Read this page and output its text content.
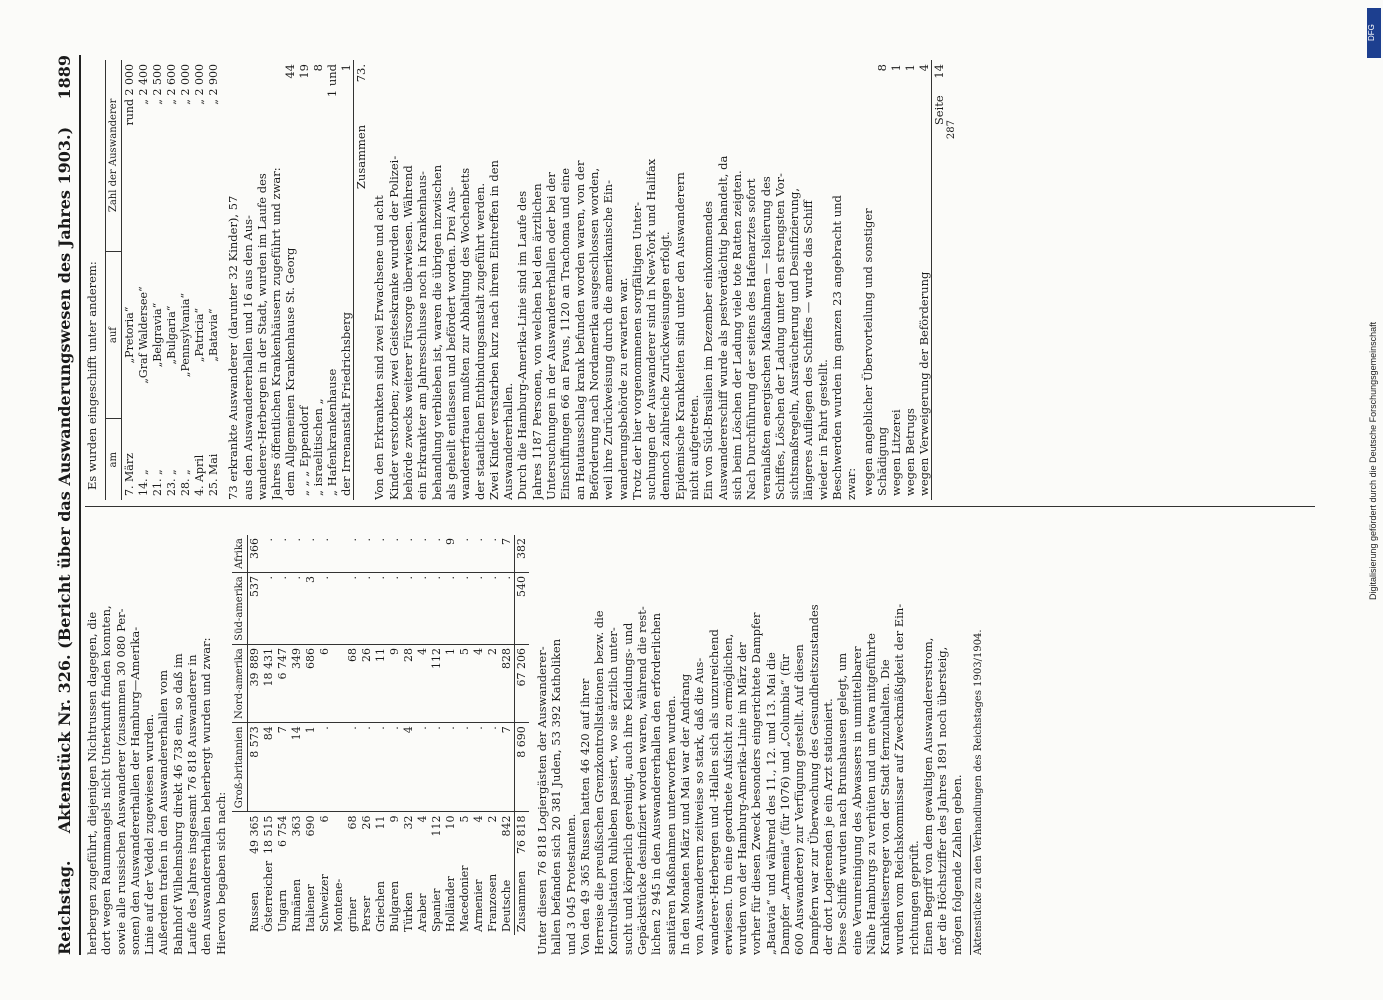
Reichstag.
Aktenstück Nr. 326. (Bericht über das Auswanderungswesen des Jahres 1903.)
1889
herbergen zugeführt, diejenigen Nichtrussen dagegen, die dort wegen Raummangels nicht Unterkunft finden konnten, sowie alle russischen Auswanderer (zusammen 30 080 Per- sonen) den Auswandererhallen der Hamburg—Amerika- Linie auf der Veddel zugewiesen wurden. Außerdem trafen in den Auswandererhallen vom Bahnhof Wilhelmsburg direkt 46 738 ein, so daß im Laufe des Jahres insgesamt 76 818 Auswanderer in den Auswandererhallen beherbergt wurden und zwar: Hiervon begaben sich nach:
		Groß-britannien	Nord-amerika	Süd-amerika	Afrika
Russen	49 365	8 573	39 889	537	366
Österreicher	18 515	84	18 431	.	.
Ungarn	6 754	7	6 747	.	.
Rumänen	363	14	349	.	.
Italiener	690	1	686	3	.
Schweizer	6	.	6	.	.
Montene-					
griner	68	.	68	.	.
Perser	26	.	26	.	.
Griechen	11	.	11	.	.
Bulgaren	9	.	9	.	.
Türken	32	4	28	.	.
Araber	4	.	4	.	.
Spanier	112	.	112	.	.
Holländer	10	.	1	.	9
Macedonier	5	.	5	.	.
Armenier	4	.	4	.	.
Franzosen	2	.	2	.	.
Deutsche	842	7	828	.	7
Zusammen	76 818	8 690	67 206	540	382
Unter diesen 76 818 Logiergästen der Auswanderer- hallen befanden sich 20 381 Juden, 53 392 Katholiken und 3 045 Protestanten. Von den 49 365 Russen hatten 46 420 auf ihrer Herreise die preußischen Grenzkontrollstationen bezw. die Kontrollstation Ruhleben passiert, wo sie ärztlich unter- sucht und körperlich gereinigt, auch ihre Kleidungs- und Gepäckstücke desinfiziert worden waren, während die rest- lichen 2 945 in den Auswandererhallen den erforderlichen sanitären Maßnahmen unterworfen wurden. In den Monaten März und Mai war der Andrang von Auswanderern zeitweise so stark, daß die Aus- wanderer-Herbergen und -Hallen sich als unzureichend erwiesen. Um eine geordnete Aufsicht zu ermöglichen, wurden von der Hamburg-Amerika-Linie im März der vorher für diesen Zweck besonders eingerichtete Dampfer „Batavia“ und während des 11., 12. und 13. Mai die Dampfer „Armenia“ (für 1076) und „Columbia“ (für 600 Auswanderer) zur Verfügung gestellt. Auf diesen Dampfern war zur Überwachung des Gesundheitszustandes der dort Logierenden je ein Arzt stationiert. Diese Schiffe wurden nach Brunshausen gelegt, um eine Verunreinigung des Abwassers in unmittelbarer Nähe Hamburgs zu verhüten und um etwa mitgeführte Krankheitserreger von der Stadt fernzuhalten. Die wurden vom Reichskommissar auf Zweckmäßigkeit der Ein- richtungen geprüft. Einen Begriff von dem gewaltigen Auswandererstrom, der die Höchstziffer des Jahres 1891 noch übersteig, mögen folgende Zahlen geben. Aktenstücke zu den Verhandlungen des Reichstages 1903/1904.
Es wurden eingeschifft unter anderem: am	auf	Zahl der Auswanderer
7. März	„Pretoria“	rund 2 000
14. „	„Graf Waldersee“	„ 2 400
21. „	„Belgravia“	„ 2 500
23. „	„Bulgaria“	„ 2 600
28. „	„Pennsylvania“	„ 2 000
4. April	„Patricia“	„ 2 000
25. Mai	„Batavia“	„ 2 900
73 erkrankte Auswanderer (darunter 32 Kinder), 57 aus den Auswandererhallen und 16 aus den Aus- wanderer-Herbergen in der Stadt, wurden im Laufe des Jahres öffentlichen Krankenhäusern zugeführt und zwar: dem Allgemeinen Krankenhause St. Georg	44
„ „ „ Eppendorf	19
„ israelitischen „	8
„ Hafenkrankenhause	1 und
der Irrenanstalt Friedrichsberg	1
Zusammen	73.
Von den Erkrankten sind zwei Erwachsene und acht Kinder verstorben; zwei Geisteskranke wurden der Polizei- behörde zwecks weiterer Fürsorge überwiesen. Während ein Erkrankter am Jahresschlusse noch in Krankenhaus- behandlung verblieben ist, waren die übrigen inzwischen als geheilt entlassen und befördert worden. Drei Aus- wandererfrauen mußten zur Abhaltung des Wochenbetts der staatlichen Entbindungsanstalt zugeführt werden. Zwei Kinder verstarben kurz nach ihrem Eintreffen in den Auswandererhallen. Durch die Hamburg-Amerika-Linie sind im Laufe des Jahres 1187 Personen, von welchen bei den ärztlichen Untersuchungen in der Auswandererhallen oder bei der Einschiffungen 66 an Favus, 1120 an Trachoma und eine an Hautausschlag krank befunden worden waren, von der Beförderung nach Nordamerika ausgeschlossen worden, weil ihre Zurückweisung durch die amerikanische Ein- wanderungsbehörde zu erwarten war. Trotz der hier vorgenommenen sorgfältigen Unter- suchungen der Auswanderer sind in New-York und Halifax dennoch zahlreiche Zurückweisungen erfolgt. Epidemische Krankheiten sind unter den Auswanderern nicht aufgetreten. Ein von Süd-Brasilien im Dezember einkommendes Auswandererschiff wurde als pestverdächtig behandelt, da sich beim Löschen der Ladung viele tote Ratten zeigten. Nach Durchführung der seitens des Hafenarztes sofort veranlaßten energischen Maßnahmen — Isolierung des Schiffes, Löschen der Ladung unter den strengsten Vor- sichtsmaßregeln, Ausräucherung und Desinfizierung, längeres Aufliegen des Schiffes — wurde das Schiff wieder in Fahrt gestellt. Beschwerden wurden im ganzen 23 angebracht und zwar: wegen angeblicher Übervorteilung und sonstiger	
Schädigung	8
wegen Litzerei	1
wegen Betrugs	1
wegen Verweigerung der Beförderung	4
Seite	14
287
DFG
Digitalisierung gefördert durch die Deutsche Forschungsgemeinschaft
